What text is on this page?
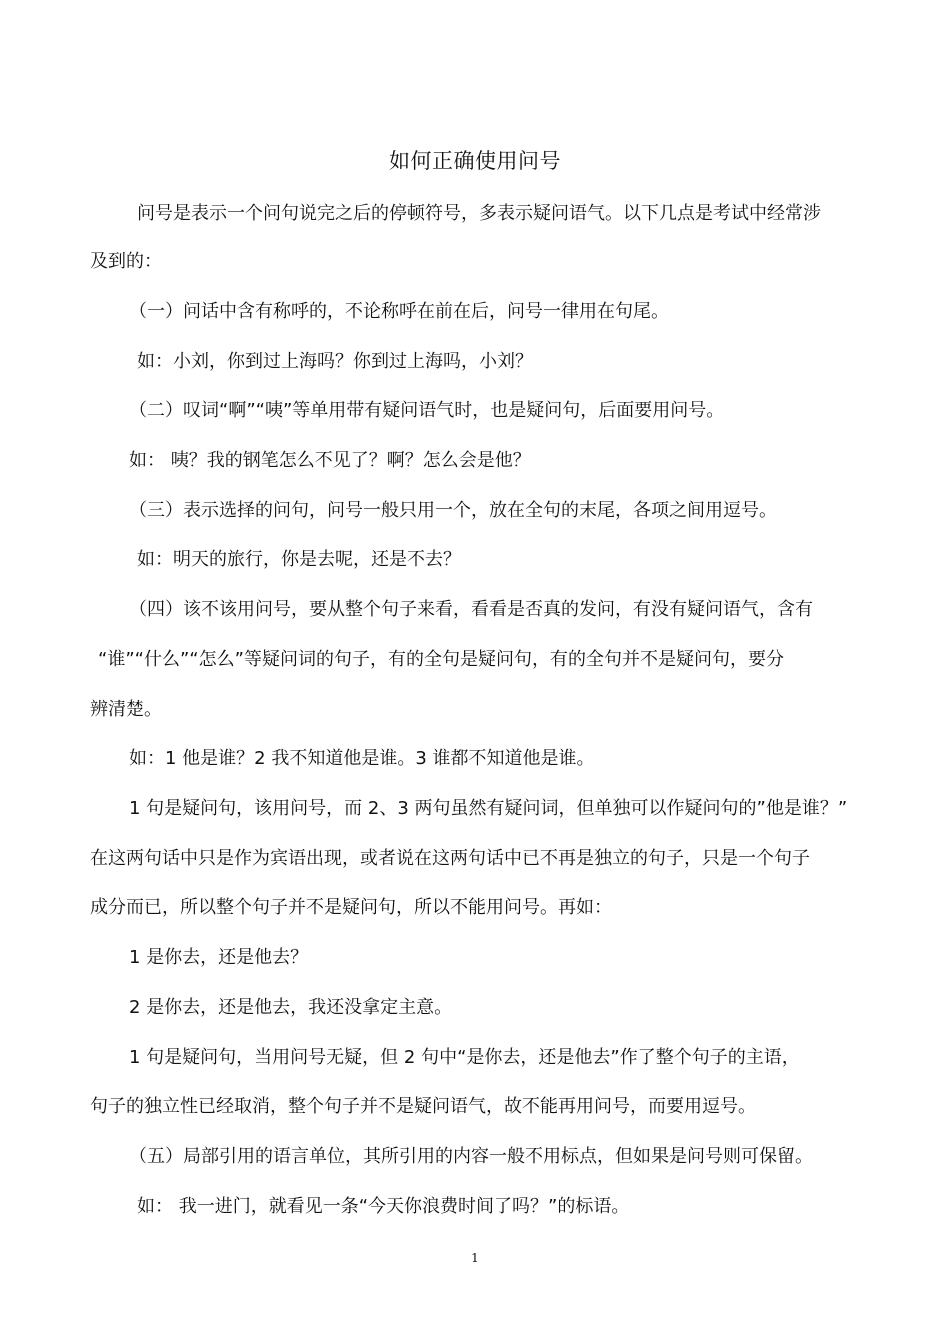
如何正确使用问号
问号是表示一个问句说完之后的停顿符号，多表示疑问语气。以下几点是考试中经常涉
及到的：
（一）问话中含有称呼的，不论称呼在前在后，问号一律用在句尾。
如：小刘，你到过上海吗？你到过上海吗，小刘？
（二）叹词“啊”“咦”等单用带有疑问语气时，也是疑问句，后面要用问号。
如： 咦？我的钢笔怎么不见了？啊？怎么会是他？
（三）表示选择的问句，问号一般只用一个，放在全句的末尾，各项之间用逗号。
如：明天的旅行，你是去呢，还是不去？
（四）该不该用问号，要从整个句子来看，看看是否真的发问，有没有疑问语气，含有
“谁”“什么”“怎么”等疑问词的句子，有的全句是疑问句，有的全句并不是疑问句，要分
辨清楚。
如：1 他是谁？2 我不知道他是谁。3 谁都不知道他是谁。
1 句是疑问句，该用问号，而 2、3 两句虽然有疑问词，但单独可以作疑问句的”他是谁？”
在这两句话中只是作为宾语出现，或者说在这两句话中已不再是独立的句子，只是一个句子
成分而已，所以整个句子并不是疑问句，所以不能用问号。再如：
1 是你去，还是他去？
2 是你去，还是他去，我还没拿定主意。
1 句是疑问句，当用问号无疑，但 2 句中“是你去，还是他去”作了整个句子的主语，
句子的独立性已经取消，整个句子并不是疑问语气，故不能再用问号，而要用逗号。
（五）局部引用的语言单位，其所引用的内容一般不用标点，但如果是问号则可保留。
如： 我一进门，就看见一条“今天你浪费时间了吗？”的标语。
1
